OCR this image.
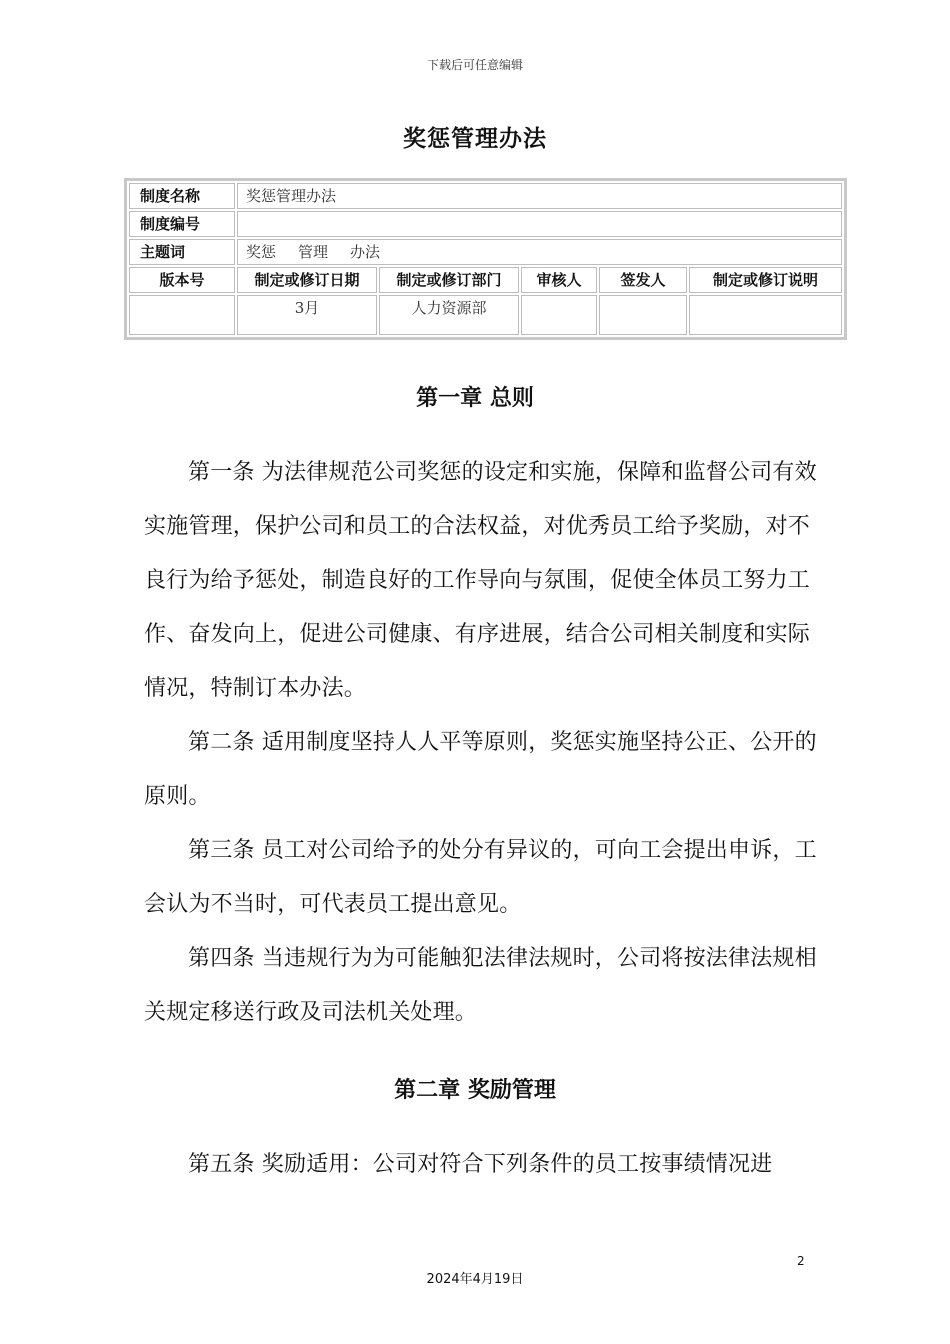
下载后可任意编辑
奖惩管理办法
制度名称	奖惩管理办法				
制度编号					
主题词	奖惩 管理 办法				
版本号	制定或修订日期	制定或修订部门	审核人	签发人	制定或修订说明
	3月	人力资源部			
第一章 总则

第一条 为法律规范公司奖惩的设定和实施，保障和监督公司有效实施管理，保护公司和员工的合法权益，对优秀员工给予奖励，对不良行为给予惩处，制造良好的工作导向与氛围，促使全体员工努力工作、奋发向上，促进公司健康、有序进展，结合公司相关制度和实际情况，特制订本办法。

第二条 适用制度坚持人人平等原则，奖惩实施坚持公正、公开的原则。

第三条 员工对公司给予的处分有异议的，可向工会提出申诉，工会认为不当时，可代表员工提出意见。

第四条 当违规行为为可能触犯法律法规时，公司将按法律法规相关规定移送行政及司法机关处理。

第二章 奖励管理

第五条 奖励适用：公司对符合下列条件的员工按事绩情况进

2
2024年4月19日
